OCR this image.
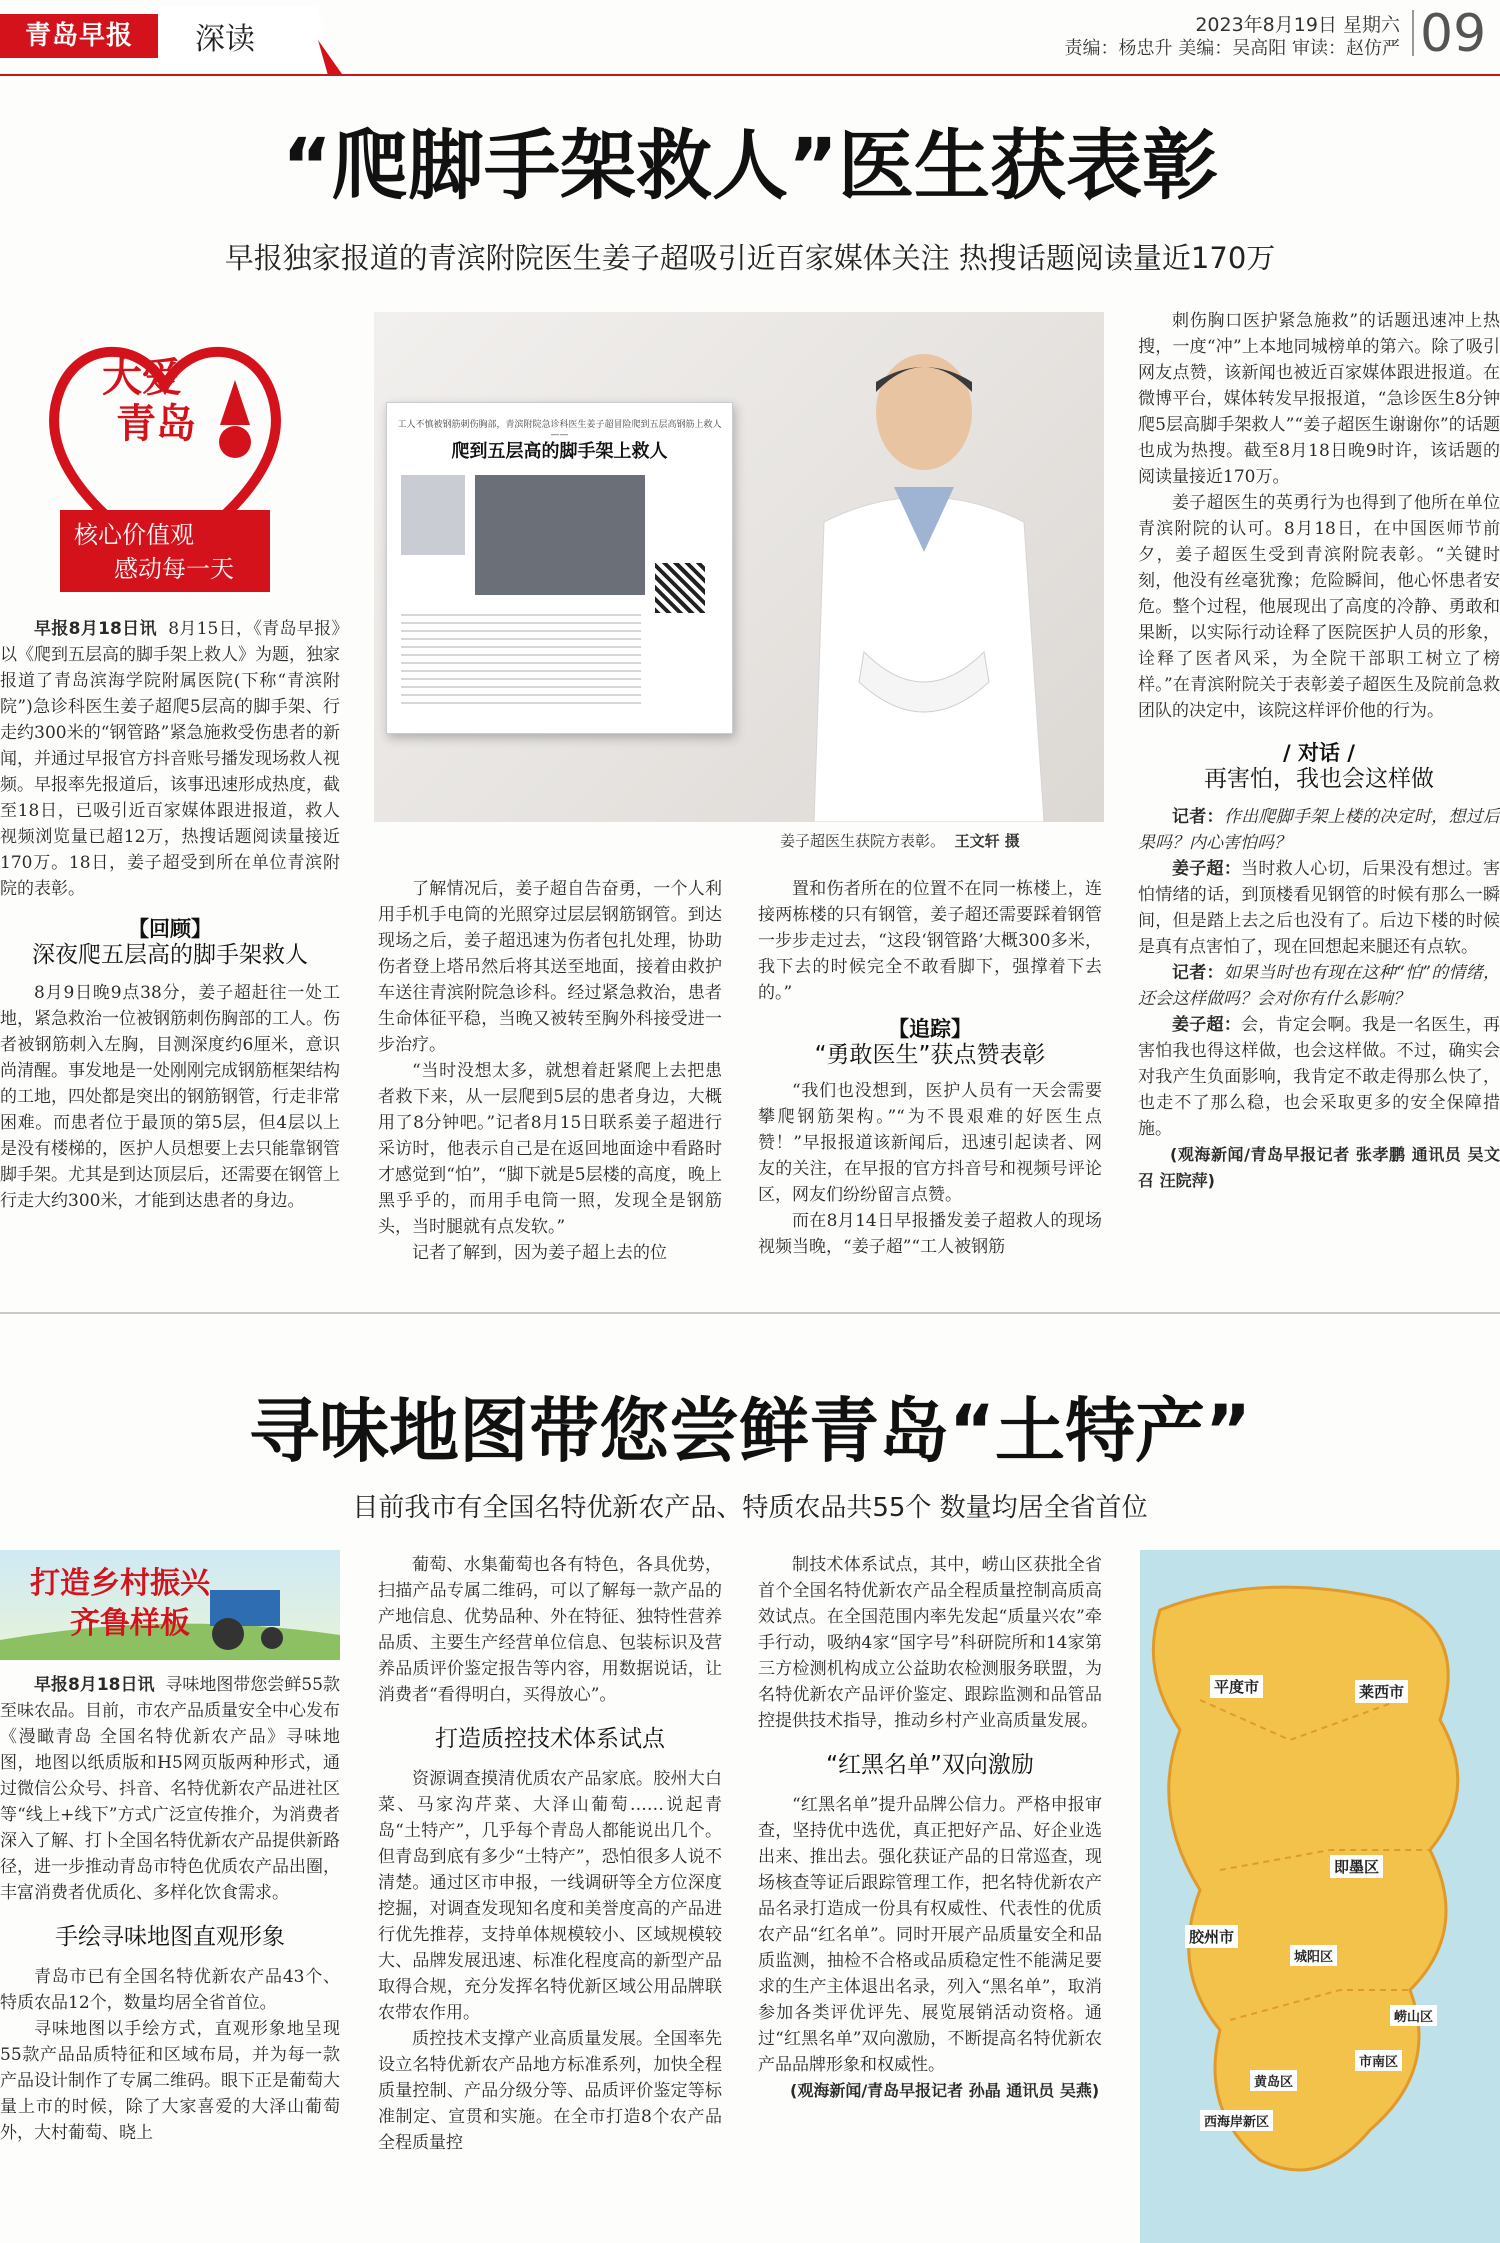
青岛早报	深读	2023年8月19日 星期六
责编：杨忠升 美编：吴高阳 审读：赵仿严 09
“爬脚手架救人”医生获表彰
早报独家报道的青滨附院医生姜子超吸引近百家媒体关注 热搜话题阅读量近170万
大爱
青岛
核心价值观
感动每一天
工人不慎被钢筋刺伤胸部，青滨附院急诊科医生姜子超冒险爬到五层高钢筋上救人——
爬到五层高的脚手架上救人
姜子超医生获院方表彰。 王文轩 摄

早报8月18日讯 8月15日，《青岛早报》以《爬到五层高的脚手架上救人》为题，独家报道了青岛滨海学院附属医院(下称“青滨附院”)急诊科医生姜子超爬5层高的脚手架、行走约300米的“钢管路”紧急施救受伤患者的新闻，并通过早报官方抖音账号播发现场救人视频。早报率先报道后，该事迅速形成热度，截至18日，已吸引近百家媒体跟进报道，救人视频浏览量已超12万，热搜话题阅读量接近170万。18日，姜子超受到所在单位青滨附院的表彰。

【回顾】
深夜爬五层高的脚手架救人

8月9日晚9点38分，姜子超赶往一处工地，紧急救治一位被钢筋刺伤胸部的工人。伤者被钢筋刺入左胸，目测深度约6厘米，意识尚清醒。事发地是一处刚刚完成钢筋框架结构的工地，四处都是突出的钢筋钢管，行走非常困难。而患者位于最顶的第5层，但4层以上是没有楼梯的，医护人员想要上去只能靠钢管脚手架。尤其是到达顶层后，还需要在钢管上行走大约300米，才能到达患者的身边。

了解情况后，姜子超自告奋勇，一个人利用手机手电筒的光照穿过层层钢筋钢管。到达现场之后，姜子超迅速为伤者包扎处理，协助伤者登上塔吊然后将其送至地面，接着由救护车送往青滨附院急诊科。经过紧急救治，患者生命体征平稳，当晚又被转至胸外科接受进一步治疗。

“当时没想太多，就想着赶紧爬上去把患者救下来，从一层爬到5层的患者身边，大概用了8分钟吧。”记者8月15日联系姜子超进行采访时，他表示自己是在返回地面途中看路时才感觉到“怕”，“脚下就是5层楼的高度，晚上黑乎乎的，而用手电筒一照，发现全是钢筋头，当时腿就有点发软。”

记者了解到，因为姜子超上去的位

置和伤者所在的位置不在同一栋楼上，连接两栋楼的只有钢管，姜子超还需要踩着钢管一步步走过去，“这段‘钢管路’大概300多米，我下去的时候完全不敢看脚下，强撑着下去的。”

【追踪】
“勇敢医生”获点赞表彰

“我们也没想到，医护人员有一天会需要攀爬钢筋架构。”“为不畏艰难的好医生点赞！”早报报道该新闻后，迅速引起读者、网友的关注，在早报的官方抖音号和视频号评论区，网友们纷纷留言点赞。

而在8月14日早报播发姜子超救人的现场视频当晚，“姜子超”“工人被钢筋

刺伤胸口医护紧急施救”的话题迅速冲上热搜，一度“冲”上本地同城榜单的第六。除了吸引网友点赞，该新闻也被近百家媒体跟进报道。在微博平台，媒体转发早报报道，“急诊医生8分钟爬5层高脚手架救人”“姜子超医生谢谢你”的话题也成为热搜。截至8月18日晚9时许，该话题的阅读量接近170万。

姜子超医生的英勇行为也得到了他所在单位青滨附院的认可。8月18日，在中国医师节前夕，姜子超医生受到青滨附院表彰。“关键时刻，他没有丝毫犹豫；危险瞬间，他心怀患者安危。整个过程，他展现出了高度的冷静、勇敢和果断，以实际行动诠释了医院医护人员的形象，诠释了医者风采，为全院干部职工树立了榜样。”在青滨附院关于表彰姜子超医生及院前急救团队的决定中，该院这样评价他的行为。

/ 对话 /
再害怕，我也会这样做

记者：作出爬脚手架上楼的决定时，想过后果吗？内心害怕吗？

姜子超：当时救人心切，后果没有想过。害怕情绪的话，到顶楼看见钢管的时候有那么一瞬间，但是踏上去之后也没有了。后边下楼的时候是真有点害怕了，现在回想起来腿还有点软。

记者：如果当时也有现在这种“怕”的情绪，还会这样做吗？会对你有什么影响？

姜子超：会，肯定会啊。我是一名医生，再害怕我也得这样做，也会这样做。不过，确实会对我产生负面影响，我肯定不敢走得那么快了，也走不了那么稳，也会采取更多的安全保障措施。

(观海新闻/青岛早报记者 张孝鹏 通讯员 吴文召 汪院萍)
寻味地图带您尝鲜青岛“土特产”
目前我市有全国名特优新农产品、特质农品共55个 数量均居全省首位
打造乡村振兴
齐鲁样板

早报8月18日讯 寻味地图带您尝鲜55款至味农品。目前，市农产品质量安全中心发布《漫瞰青岛 全国名特优新农产品》寻味地图，地图以纸质版和H5网页版两种形式，通过微信公众号、抖音、名特优新农产品进社区等“线上+线下”方式广泛宣传推介，为消费者深入了解、打卜全国名特优新农产品提供新路径，进一步推动青岛市特色优质农产品出圈，丰富消费者优质化、多样化饮食需求。

手绘寻味地图直观形象

青岛市已有全国名特优新农产品43个、特质农品12个，数量均居全省首位。

寻味地图以手绘方式，直观形象地呈现55款产品品质特征和区域布局，并为每一款产品设计制作了专属二维码。眼下正是葡萄大量上市的时候，除了大家喜爱的大泽山葡萄外，大村葡萄、晓上

葡萄、水集葡萄也各有特色，各具优势，扫描产品专属二维码，可以了解每一款产品的产地信息、优势品种、外在特征、独特性营养品质、主要生产经营单位信息、包装标识及营养品质评价鉴定报告等内容，用数据说话，让消费者“看得明白，买得放心”。

打造质控技术体系试点

资源调查摸清优质农产品家底。胶州大白菜、马家沟芹菜、大泽山葡萄……说起青岛“土特产”，几乎每个青岛人都能说出几个。但青岛到底有多少“土特产”，恐怕很多人说不清楚。通过区市申报，一线调研等全方位深度挖掘，对调查发现知名度和美誉度高的产品进行优先推荐，支持单体规模较小、区域规模较大、品牌发展迅速、标准化程度高的新型产品取得合规，充分发挥名特优新区域公用品牌联农带农作用。

质控技术支撑产业高质量发展。全国率先设立名特优新农产品地方标准系列，加快全程质量控制、产品分级分等、品质评价鉴定等标准制定、宣贯和实施。在全市打造8个农产品全程质量控

制技术体系试点，其中，崂山区获批全省首个全国名特优新农产品全程质量控制高质高效试点。在全国范围内率先发起“质量兴农”牵手行动，吸纳4家“国字号”科研院所和14家第三方检测机构成立公益助农检测服务联盟，为名特优新农产品评价鉴定、跟踪监测和品管品控提供技术指导，推动乡村产业高质量发展。

“红黑名单”双向激励

“红黑名单”提升品牌公信力。严格申报审查，坚持优中选优，真正把好产品、好企业选出来、推出去。强化获证产品的日常巡查，现场核查等证后跟踪管理工作，把名特优新农产品名录打造成一份具有权威性、代表性的优质农产品“红名单”。同时开展产品质量安全和品质监测，抽检不合格或品质稳定性不能满足要求的生产主体退出名录，列入“黑名单”，取消参加各类评优评先、展览展销活动资格。通过“红黑名单”双向激励，不断提高名特优新农产品品牌形象和权威性。

(观海新闻/青岛早报记者 孙晶 通讯员 吴燕)
平度市	莱西市
即墨区
胶州市
城阳区
黄岛区
西海岸新区
崂山区
市南区
